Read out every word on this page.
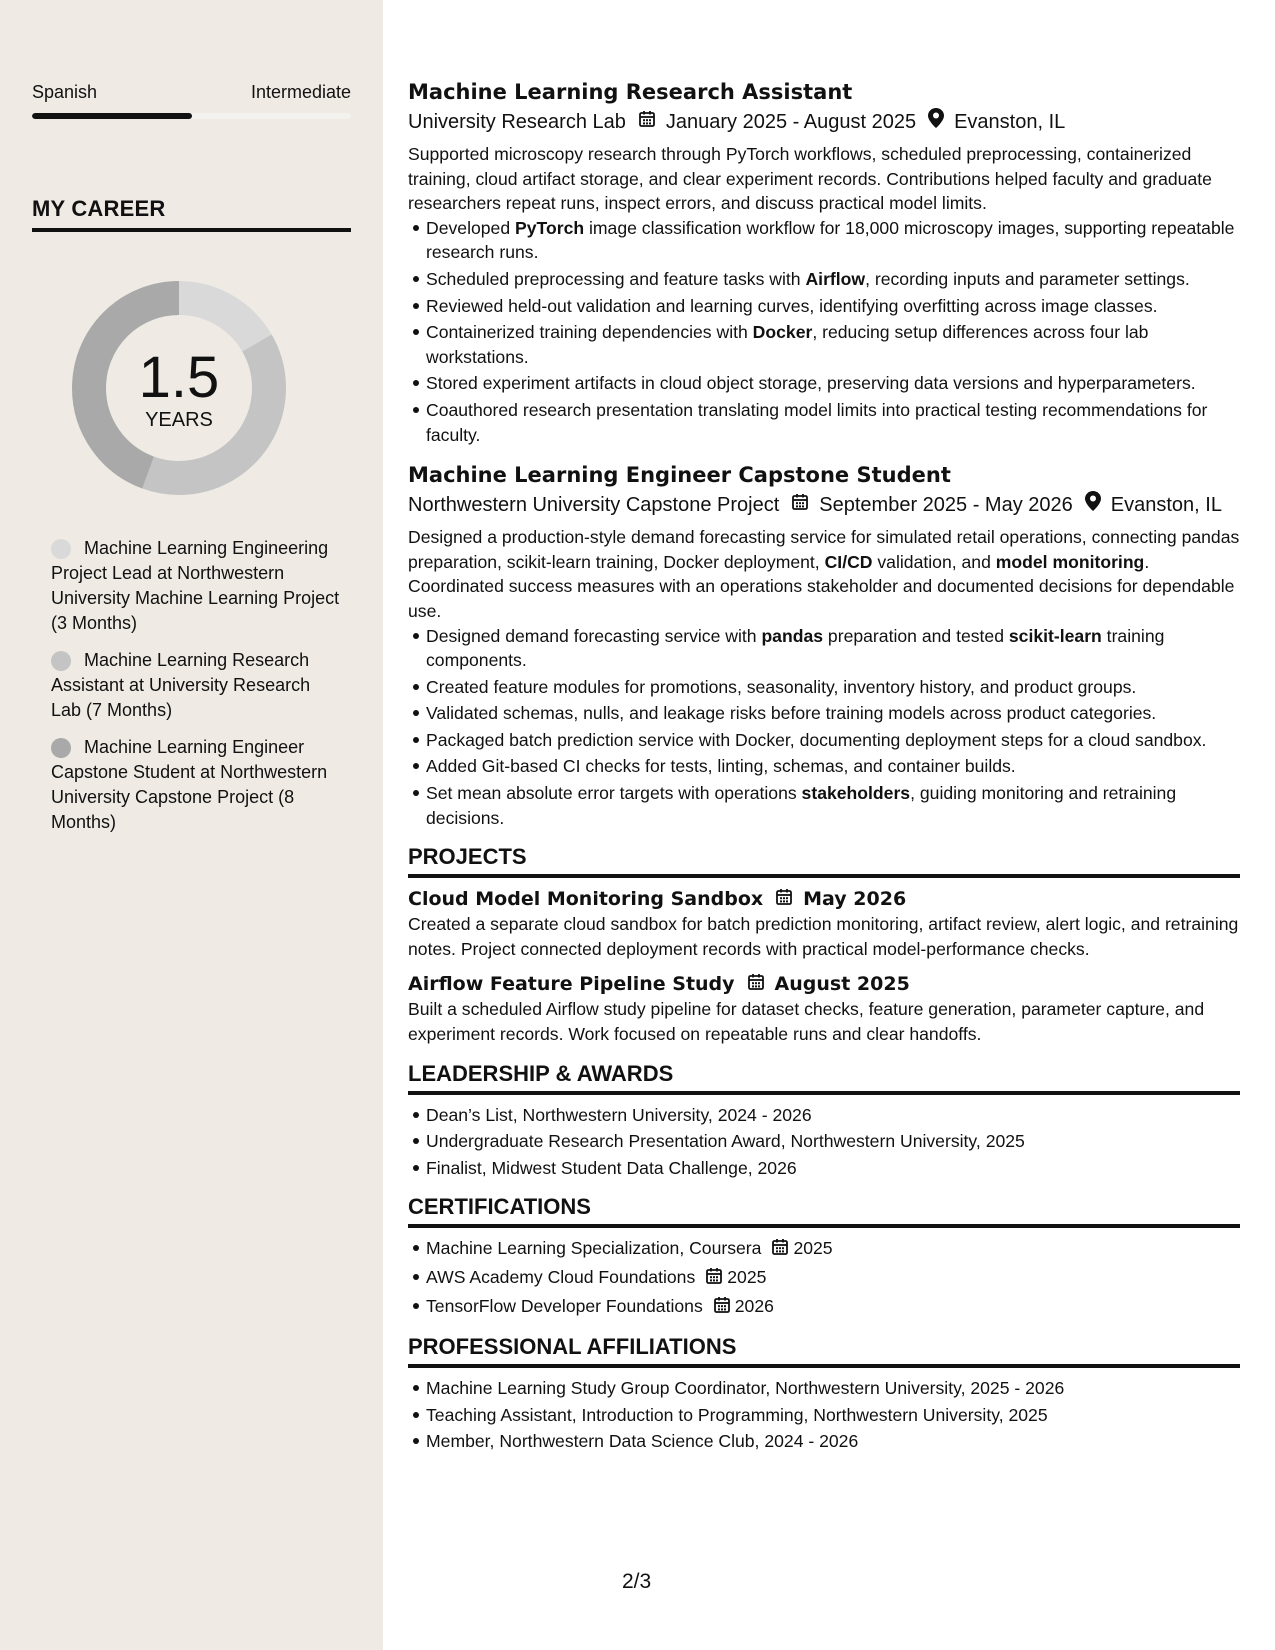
Spanish	Intermediate
MY CAREER
1.5
YEARS
Machine Learning Engineering Project Lead at Northwestern University Machine Learning Project (3 Months)
Machine Learning Research Assistant at University Research Lab (7 Months)
Machine Learning Engineer Capstone Student at Northwestern University Capstone Project (8 Months)
Machine Learning Research Assistant
University Research Lab January 2025 - August 2025 Evanston, IL

Supported microscopy research through PyTorch workflows, scheduled preprocessing, containerized training, cloud artifact storage, and clear experiment records. Contributions helped faculty and graduate researchers repeat runs, inspect errors, and discuss practical model limits.

Developed PyTorch image classification workflow for 18,000 microscopy images, supporting repeatable research runs.
Scheduled preprocessing and feature tasks with Airflow, recording inputs and parameter settings.
Reviewed held-out validation and learning curves, identifying overfitting across image classes.
Containerized training dependencies with Docker, reducing setup differences across four lab workstations.
Stored experiment artifacts in cloud object storage, preserving data versions and hyperparameters.
Coauthored research presentation translating model limits into practical testing recommendations for faculty.
Machine Learning Engineer Capstone Student
Northwestern University Capstone Project September 2025 - May 2026 Evanston, IL

Designed a production-style demand forecasting service for simulated retail operations, connecting pandas preparation, scikit-learn training, Docker deployment, CI/CD validation, and model monitoring. Coordinated success measures with an operations stakeholder and documented decisions for dependable use.

Designed demand forecasting service with pandas preparation and tested scikit-learn training components.
Created feature modules for promotions, seasonality, inventory history, and product groups.
Validated schemas, nulls, and leakage risks before training models across product categories.
Packaged batch prediction service with Docker, documenting deployment steps for a cloud sandbox.
Added Git-based CI checks for tests, linting, schemas, and container builds.
Set mean absolute error targets with operations stakeholders, guiding monitoring and retraining decisions.
PROJECTS
Cloud Model Monitoring Sandbox May 2026

Created a separate cloud sandbox for batch prediction monitoring, artifact review, alert logic, and retraining notes. Project connected deployment records with practical model-performance checks.

Airflow Feature Pipeline Study August 2025

Built a scheduled Airflow study pipeline for dataset checks, feature generation, parameter capture, and experiment records. Work focused on repeatable runs and clear handoffs.

LEADERSHIP & AWARDS
Dean’s List, Northwestern University, 2024 - 2026
Undergraduate Research Presentation Award, Northwestern University, 2025
Finalist, Midwest Student Data Challenge, 2026
CERTIFICATIONS
Machine Learning Specialization, Coursera 2025
AWS Academy Cloud Foundations 2025
TensorFlow Developer Foundations 2026
PROFESSIONAL AFFILIATIONS
Machine Learning Study Group Coordinator, Northwestern University, 2025 - 2026
Teaching Assistant, Introduction to Programming, Northwestern University, 2025
Member, Northwestern Data Science Club, 2024 - 2026
2/3
